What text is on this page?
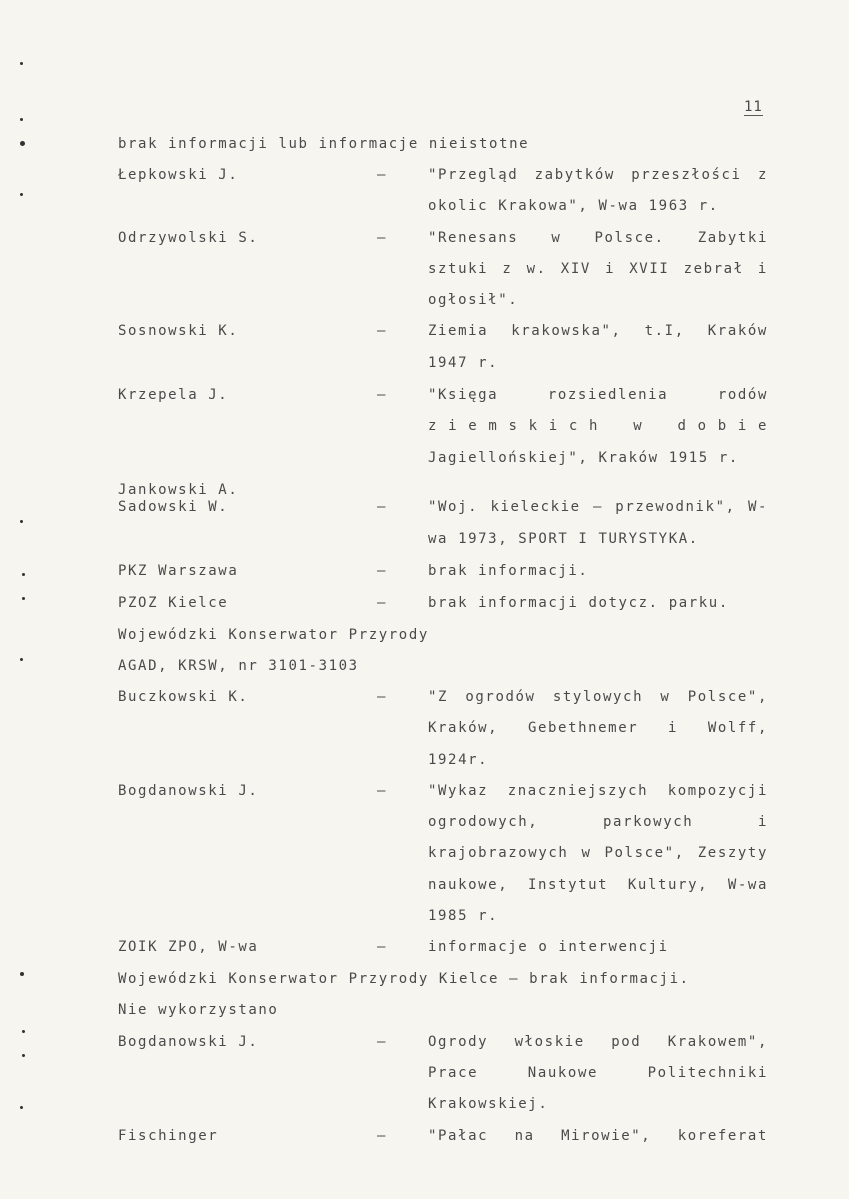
11
brak informacji lub informacje nieistotne
Łepkowski J.	–	"Przegląd zabytków przeszłości z
okolic Krakowa", W-wa 1963 r.
Odrzywolski S.	–	"Renesans w Polsce. Zabytki
sztuki z w. XIV i XVII zebrał i
ogłosił".
Sosnowski K.	–	Ziemia krakowska", t.I, Kraków
1947 r.
Krzepela J.	–	"Księga	rozsiedlenia	rodów
z i e m s k i c h w d o b i e
Jagiellońskiej", Kraków 1915 r.
Jankowski A.
Sadowski W.	–	"Woj. kieleckie – przewodnik", W-
wa 1973, SPORT I TURYSTYKA.
PKZ Warszawa	–	brak informacji.
PZOZ Kielce	–	brak informacji dotycz. parku.
Wojewódzki Konserwator Przyrody
AGAD, KRSW, nr 3101-3103
Buczkowski K.	–	"Z ogrodów stylowych w Polsce",
Kraków, Gebethnemer i Wolff,
1924r.
Bogdanowski J.	–	"Wykaz znaczniejszych kompozycji
ogrodowych,	parkowych	i
krajobrazowych w Polsce", Zeszyty
naukowe, Instytut Kultury, W-wa
1985 r.
ZOIK ZPO, W-wa	–	informacje o interwencji
Wojewódzki Konserwator Przyrody Kielce – brak informacji.
Nie wykorzystano
Bogdanowski J.	–	Ogrody włoskie pod Krakowem",
Prace	Naukowe	Politechniki
Krakowskiej.
Fischinger	–	"Pałac na Mirowie", koreferat
